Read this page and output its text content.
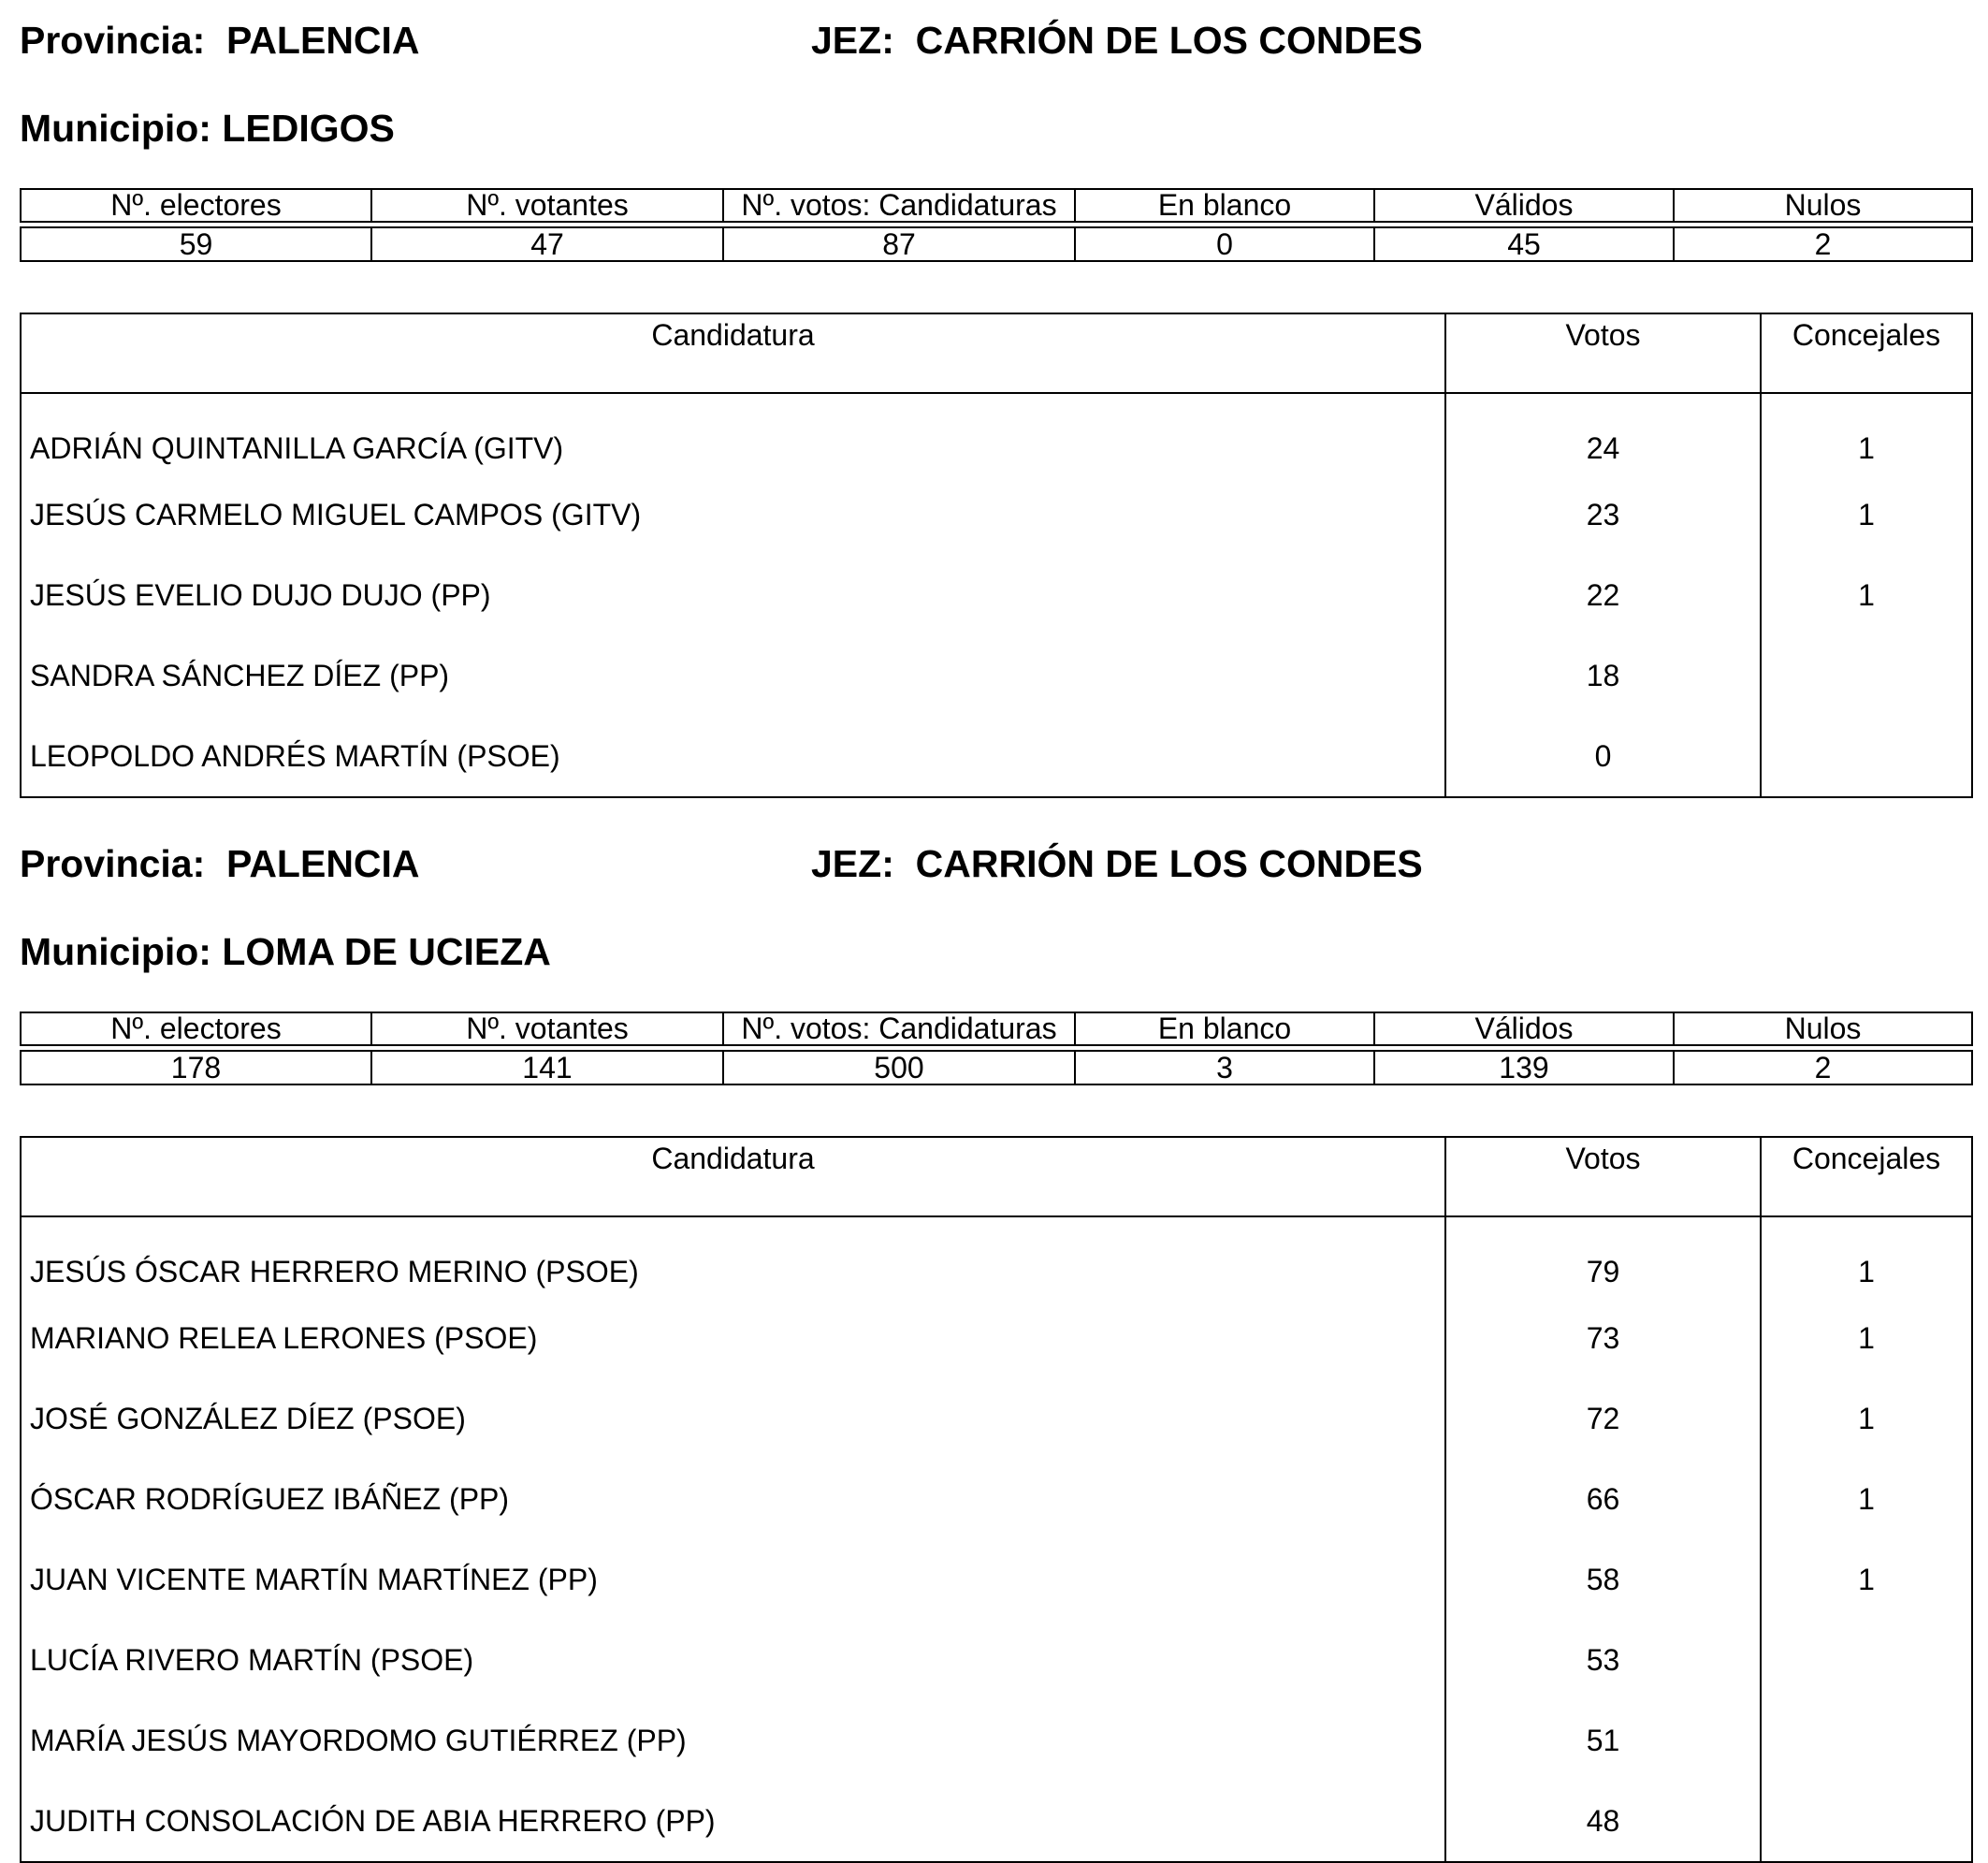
Provincia:  PALENCIA	JEZ:  CARRIÓN DE LOS CONDES
Municipio: LEDIGOS
Nº. electores	Nº. votantes	Nº. votos: Candidaturas	En blanco	Válidos	Nulos

59	47	87	0	45	2
Candidatura	Votos	Concejales
ADRIÁN QUINTANILLA GARCÍA (GITV)	24	1
JESÚS CARMELO MIGUEL CAMPOS (GITV)	23	1
JESÚS EVELIO DUJO DUJO (PP)	22	1
SANDRA SÁNCHEZ DÍEZ (PP)	18	
LEOPOLDO ANDRÉS MARTÍN (PSOE)	0	
Provincia:  PALENCIA	JEZ:  CARRIÓN DE LOS CONDES
Municipio: LOMA DE UCIEZA
Nº. electores	Nº. votantes	Nº. votos: Candidaturas	En blanco	Válidos	Nulos

178	141	500	3	139	2
Candidatura	Votos	Concejales
JESÚS ÓSCAR HERRERO MERINO (PSOE)	79	1
MARIANO RELEA LERONES (PSOE)	73	1
JOSÉ GONZÁLEZ DÍEZ (PSOE)	72	1
ÓSCAR RODRÍGUEZ IBÁÑEZ (PP)	66	1
JUAN VICENTE MARTÍN MARTÍNEZ (PP)	58	1
LUCÍA RIVERO MARTÍN (PSOE)	53	
MARÍA JESÚS MAYORDOMO GUTIÉRREZ (PP)	51	
JUDITH CONSOLACIÓN DE ABIA HERRERO (PP)	48	
